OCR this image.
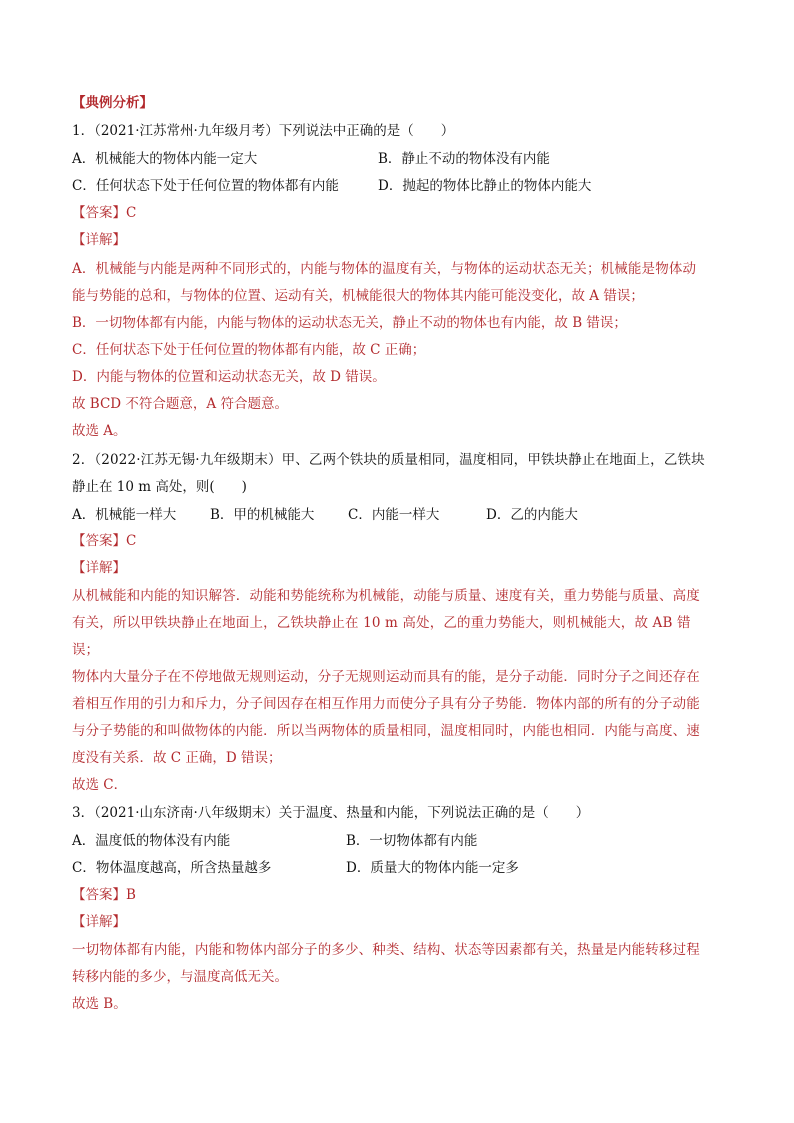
【典例分析】
1．（2021·江苏常州·九年级月考）下列说法中正确的是（　　）
A．机械能大的物体内能一定大	B．静止不动的物体没有内能
C．任何状态下处于任何位置的物体都有内能	D．抛起的物体比静止的物体内能大
【答案】C
【详解】
A．机械能与内能是两种不同形式的，内能与物体的温度有关，与物体的运动状态无关；机械能是物体动
能与势能的总和，与物体的位置、运动有关，机械能很大的物体其内能可能没变化，故 A 错误；
B．一切物体都有内能，内能与物体的运动状态无关，静止不动的物体也有内能，故 B 错误；
C．任何状态下处于任何位置的物体都有内能，故 C 正确；
D．内能与物体的位置和运动状态无关，故 D 错误。
故 BCD 不符合题意，A 符合题意。
故选 A。
2．（2022·江苏无锡·九年级期末）甲、乙两个铁块的质量相同，温度相同，甲铁块静止在地面上，乙铁块
静止在 10 m 高处，则(　　)
A．机械能一样大	B．甲的机械能大 C．内能一样大	D．乙的内能大
【答案】C
【详解】
从机械能和内能的知识解答．动能和势能统称为机械能，动能与质量、速度有关，重力势能与质量、高度
有关，所以甲铁块静止在地面上，乙铁块静止在 10 m 高处，乙的重力势能大，则机械能大，故 AB 错
误；
物体内大量分子在不停地做无规则运动，分子无规则运动而具有的能，是分子动能．同时分子之间还存在
着相互作用的引力和斥力，分子间因存在相互作用力而使分子具有分子势能．物体内部的所有的分子动能
与分子势能的和叫做物体的内能．所以当两物体的质量相同，温度相同时，内能也相同．内能与高度、速
度没有关系．故 C 正确，D 错误；
故选 C．
3．（2021·山东济南·八年级期末）关于温度、热量和内能，下列说法正确的是（　　）
A．温度低的物体没有内能	B．一切物体都有内能
C．物体温度越高，所含热量越多	D．质量大的物体内能一定多
【答案】B
【详解】
一切物体都有内能，内能和物体内部分子的多少、种类、结构、状态等因素都有关，热量是内能转移过程
转移内能的多少，与温度高低无关。
故选 B。
